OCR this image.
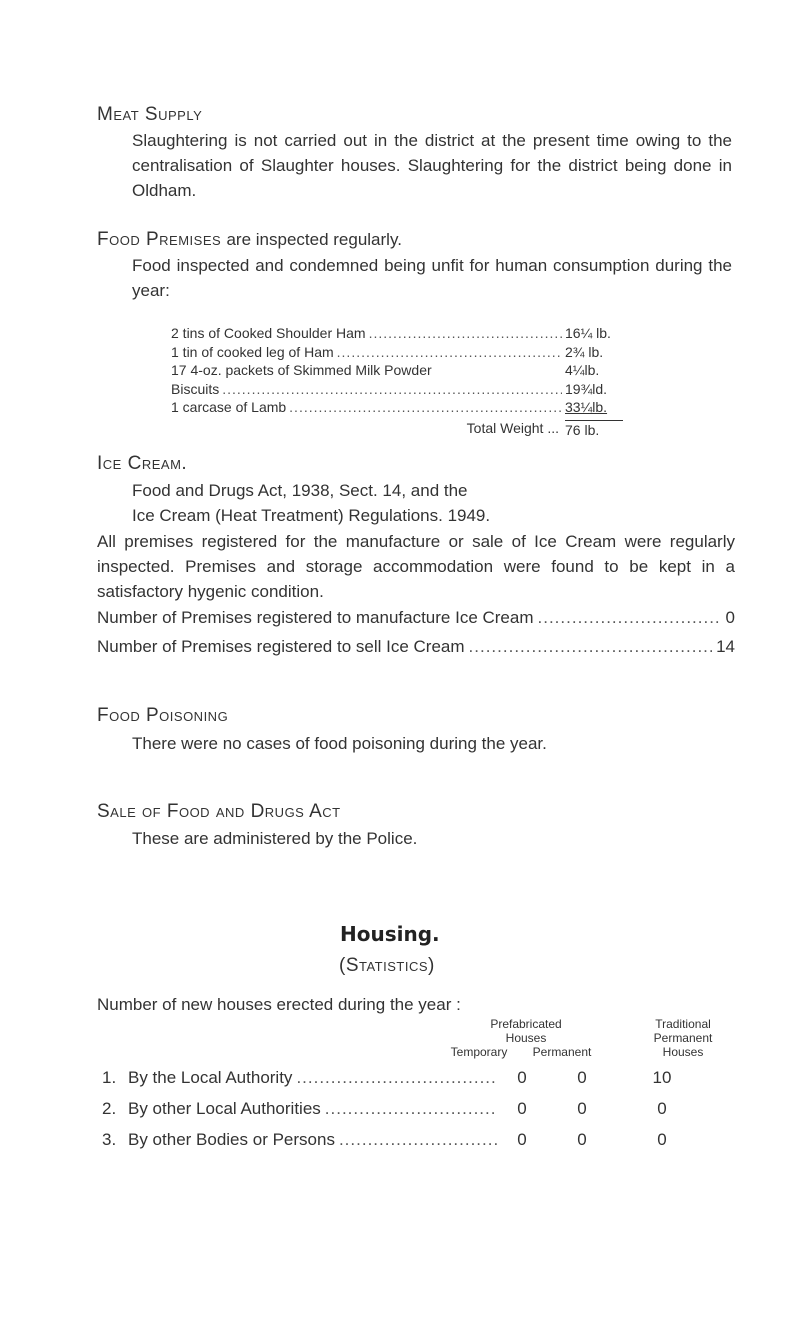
Meat Supply

Slaughtering is not carried out in the district at the present time owing to the centralisation of Slaughter houses. Slaughtering for the district being done in Oldham.

Food Premises are inspected regularly.

Food inspected and condemned being unfit for human consumption during the year:

2 tins of Cooked Shoulder Ham .....	16¼ lb.
1 tin of cooked leg of Ham .....	2¾ lb.
17 4-oz. packets of Skimmed Milk Powder	4¼lb.
Biscuits .....	19¾ld.
1 carcase of Lamb .....	33¼lb.
Total Weight ... 76 lb.
Ice Cream.

Food and Drugs Act, 1938, Sect. 14, and the

Ice Cream (Heat Treatment) Regulations. 1949.

All premises registered for the manufacture or sale of Ice Cream were regularly inspected. Premises and storage accommodation were found to be kept in a satisfactory hygenic condition.

Number of Premises registered to manufacture Ice Cream .....	0
Number of Premises registered to sell Ice Cream .....	14
Food Poisoning

There were no cases of food poisoning during the year.

Sale of Food and Drugs Act

These are administered by the Police.

Housing.
(Statistics)

Number of new houses erected during the year :

Prefabricated
Houses
Temporary	Permanent
Traditional
Permanent
Houses
1. By the Local Authority .....	0	0	10
2. By other Local Authorities .....	0	0	0
3. By other Bodies or Persons .....	0	0	0
